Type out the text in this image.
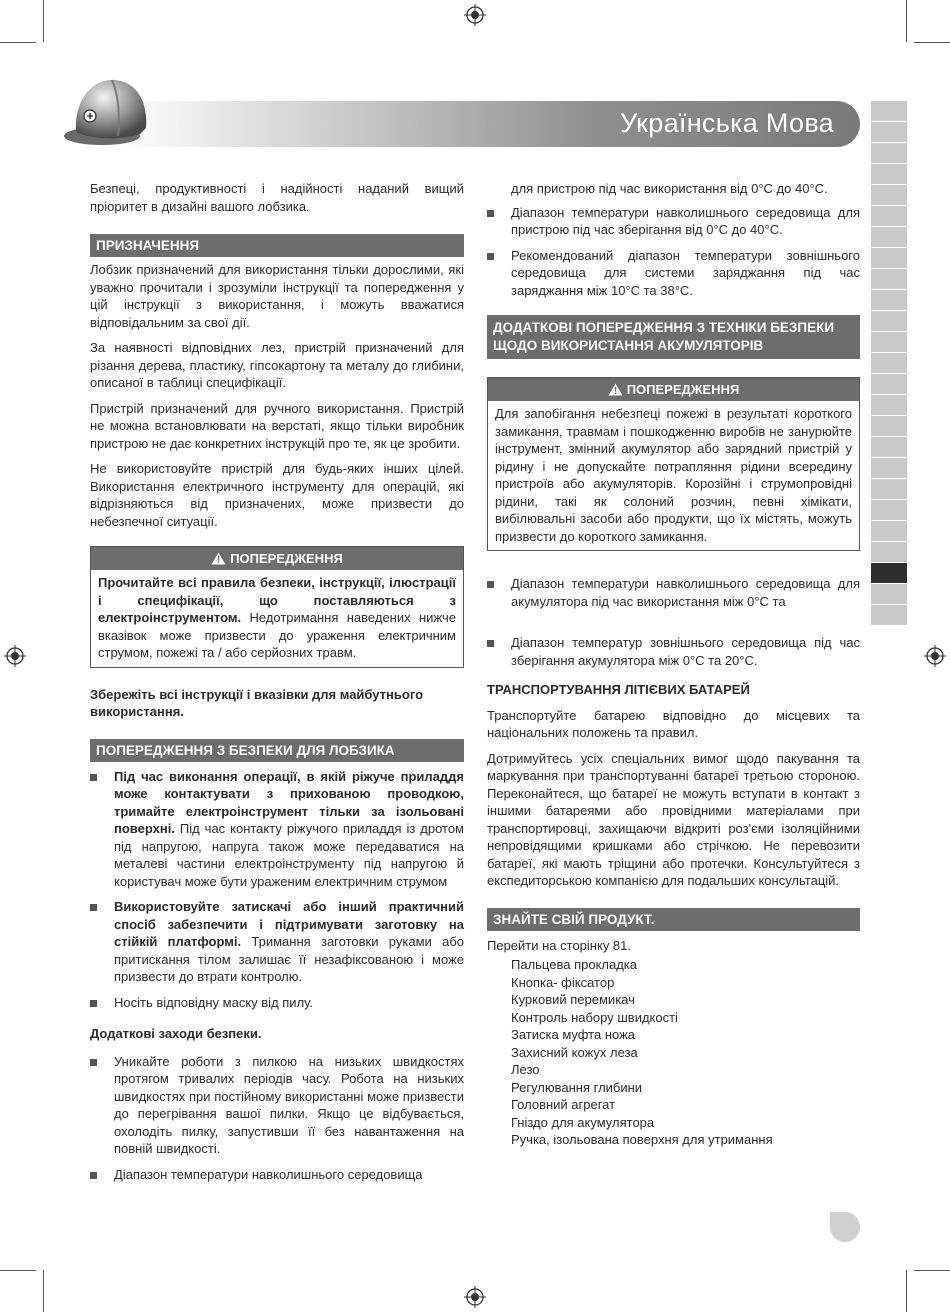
Українська Мова

Безпеці, продуктивності і надійності наданий вищий пріоритет в дизайні вашого лобзика.

ПРИЗНАЧЕННЯ

Лобзик призначений для використання тільки дорослими, які уважно прочитали і зрозуміли інструкції та попередження у цій інструкції з використання, і можуть вважатися відповідальним за свої дії.

За наявності відповідних лез, пристрій призначений для різання дерева, пластику, гіпсокартону та металу до глибини, описаної в таблиці специфікації.

Пристрій призначений для ручного використання. Пристрій не можна встановлювати на верстаті, якщо тільки виробник пристрою не дає конкретних інструкцій про те, як це зробити.

Не використовуйте пристрій для будь-яких інших цілей. Використання електричного інструменту для операцій, які відрізняються від призначених, може призвести до небезпечної ситуації.

ПОПЕРЕДЖЕННЯ
Прочитайте всі правила безпеки, інструкції, ілюстрації і специфікації, що поставляються з електроінструментом. Недотримання наведених нижче вказівок може призвести до ураження електричним струмом, пожежі та / або серйозних травм.

Збережіть всі інструкції і вказівки для майбутнього використання.

ПОПЕРЕДЖЕННЯ З БЕЗПЕКИ ДЛЯ ЛОБЗИКА
Під час виконання операції, в якій ріжуче приладдя може контактувати з прихованою проводкою, тримайте електроінструмент тільки за ізольовані поверхні. Під час контакту ріжучого приладдя із дротом під напругою, напруга також може передаватися на металеві частини електроінструменту під напругою й користувач може бути ураженим електричним струмом
Використовуйте затискачі або інший практичний спосіб забезпечити і підтримувати заготовку на стійкій платформі. Тримання заготовки руками або притискання тілом залишає її незафіксованою і може призвести до втрати контролю.
Носіть відповідну маску від пилу.

Додаткові заходи безпеки.

Уникайте роботи з пилкою на низьких швидкостях протягом тривалих періодів часу. Робота на низьких швидкостях при постійному використанні може призвести до перегрівання вашої пилки. Якщо це відбувається, охолодіть пилку, запустивши її без навантаження на повній швидкості.
Діапазон температури навколишнього середовища

для пристрою під час використання від 0°C до 40°C.

Діапазон температури навколишнього середовища для пристрою під час зберігання від 0°C до 40°C.
Рекомендований діапазон температури зовнішнього середовища для системи заряджання під час заряджання між 10°C та 38°C.
ДОДАТКОВІ ПОПЕРЕДЖЕННЯ З ТЕХНІКИ БЕЗПЕКИ ЩОДО ВИКОРИСТАННЯ АКУМУЛЯТОРІВ
ПОПЕРЕДЖЕННЯ
Для запобігання небезпеці пожежі в результаті короткого замикання, травмам і пошкодженню виробів не занурюйте інструмент, змінний акумулятор або зарядний пристрій у рідину і не допускайте потрапляння рідини всередину пристроїв або акумуляторів. Корозійні і струмопровідні рідини, такі як солоний розчин, певні хімікати, вибілювальні засоби або продукти, що їх містять, можуть призвести до короткого замикання.
Діапазон температури навколишнього середовища для акумулятора під час використання між 0°C та
Діапазон температур зовнішнього середовища під час зберігання акумулятора між 0°C та 20°C.

ТРАНСПОРТУВАННЯ ЛІТІЄВИХ БАТАРЕЙ

Транспортуйте батарею відповідно до місцевих та національних положень та правил.

Дотримуйтесь усіх спеціальних вимог щодо пакування та маркування при транспортуванні батареї третьою стороною. Переконайтеся, що батареї не можуть вступати в контакт з іншими батареями або провідними матеріалами при транспортировці, захищаючи відкриті роз'єми ізоляційними непровідящими кришками або стрічкою. Не перевозити батареї, які мають тріщини або протечки. Консультуйтеся з експедиторською компанією для подальших консультацій.

ЗНАЙТЕ СВІЙ ПРОДУКТ.

Перейти на сторінку 81.

Пальцева прокладка
Кнопка- фіксатор
Курковий перемикач
Контроль набору швидкості
Затиска муфта ножа
Захисний кожух леза
Лезо
Регулювання глибини
Головний агрегат
Гніздо для акумулятора
Ручка, ізольована поверхня для утримання
